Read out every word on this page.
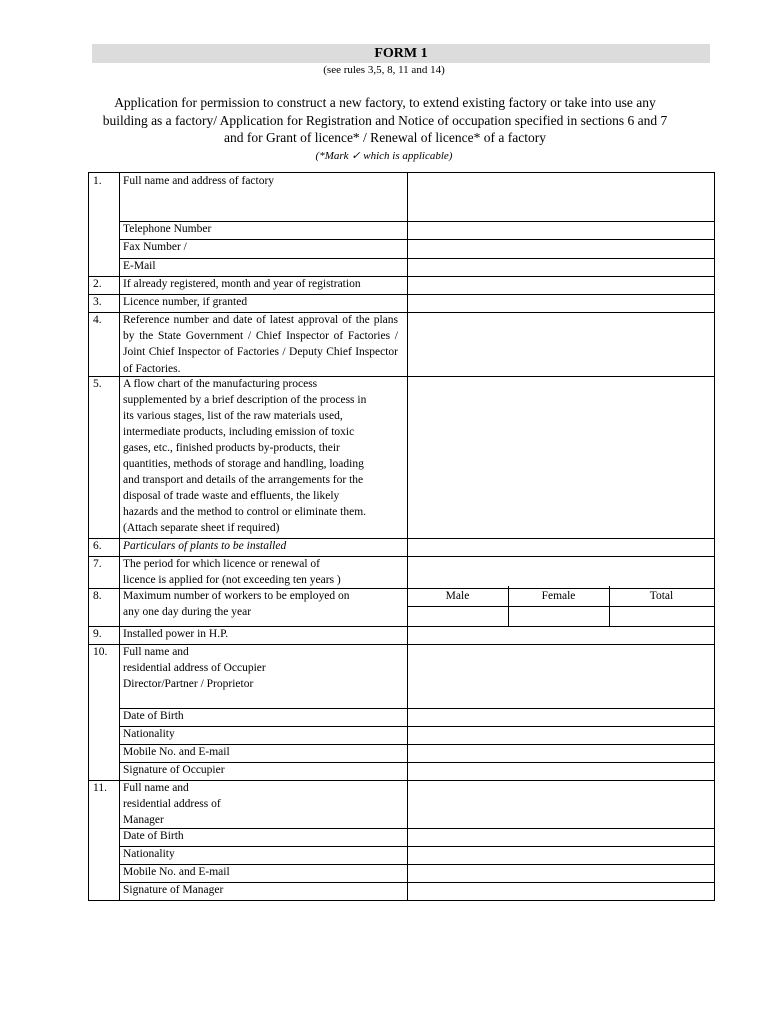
FORM 1
(see rules 3,5, 8, 11 and 14)
Application for permission to construct a new factory, to extend existing factory or take into use any
building as a factory/ Application for Registration and Notice of occupation specified in sections 6 and 7
and for Grant of licence* / Renewal of licence* of a factory
(*Mark ✓ which is applicable)
1.
2.
3.
4.
5.
6.
7.
8.
9.
10.
11.
Full name and address of factory
Telephone Number
Fax Number /
E-Mail
If already registered, month and year of registration
Licence number, if granted
Reference number and date of latest approval of the plans by the State Government / Chief Inspector of Factories / Joint Chief Inspector of Factories / Deputy Chief Inspector of Factories.
A flow chart of the manufacturing process
supplemented by a brief description of the process in
its various stages, list of the raw materials used,
intermediate products, including emission of toxic
gases, etc., finished products by-products, their
quantities, methods of storage and handling, loading
and transport and details of the arrangements for the
disposal of trade waste and effluents, the likely
hazards and the method to control or eliminate them.
(Attach separate sheet if required)
Particulars of plants to be installed
The period for which licence or renewal of
licence is applied for (not exceeding ten years )
Maximum number of workers to be employed on
any one day during the year
Male	Female	Total
Installed power in H.P.
Full name and
residential address of Occupier
Director/Partner / Proprietor
Date of Birth
Nationality
Mobile No. and E-mail
Signature of Occupier
Full name and
residential address of
Manager
Date of Birth
Nationality
Mobile No. and E-mail
Signature of Manager
